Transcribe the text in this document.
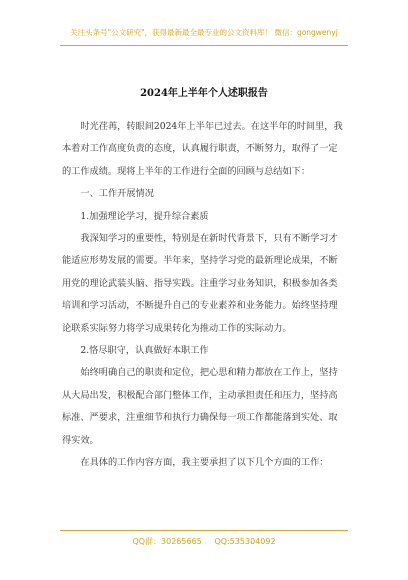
关注头条号"公文研究"，获得最新最全最专业的公文资料库！ 微信：gongwenyj
2024年上半年个人述职报告

时光荏苒，转眼间2024年上半年已过去。在这半年的时间里，我本着对工作高度负责的态度，认真履行职责，不断努力，取得了一定的工作成绩。现将上半年的工作进行全面的回顾与总结如下：

一、工作开展情况

1.加强理论学习，提升综合素质

我深知学习的重要性，特别是在新时代背景下，只有不断学习才能适应形势发展的需要。半年来，坚持学习党的最新理论成果，不断用党的理论武装头脑、指导实践。注重学习业务知识，积极参加各类培训和学习活动，不断提升自己的专业素养和业务能力。始终坚持理论联系实际努力将学习成果转化为推动工作的实际动力。

2.恪尽职守，认真做好本职工作

始终明确自己的职责和定位，把心思和精力都放在工作上，坚持从大局出发，积极配合部门整体工作，主动承担责任和压力，坚持高标准、严要求，注重细节和执行力确保每一项工作都能落到实处、取得实效。

在具体的工作内容方面，我主要承担了以下几个方面的工作：

QQ群：30265665     QQ:535304092
